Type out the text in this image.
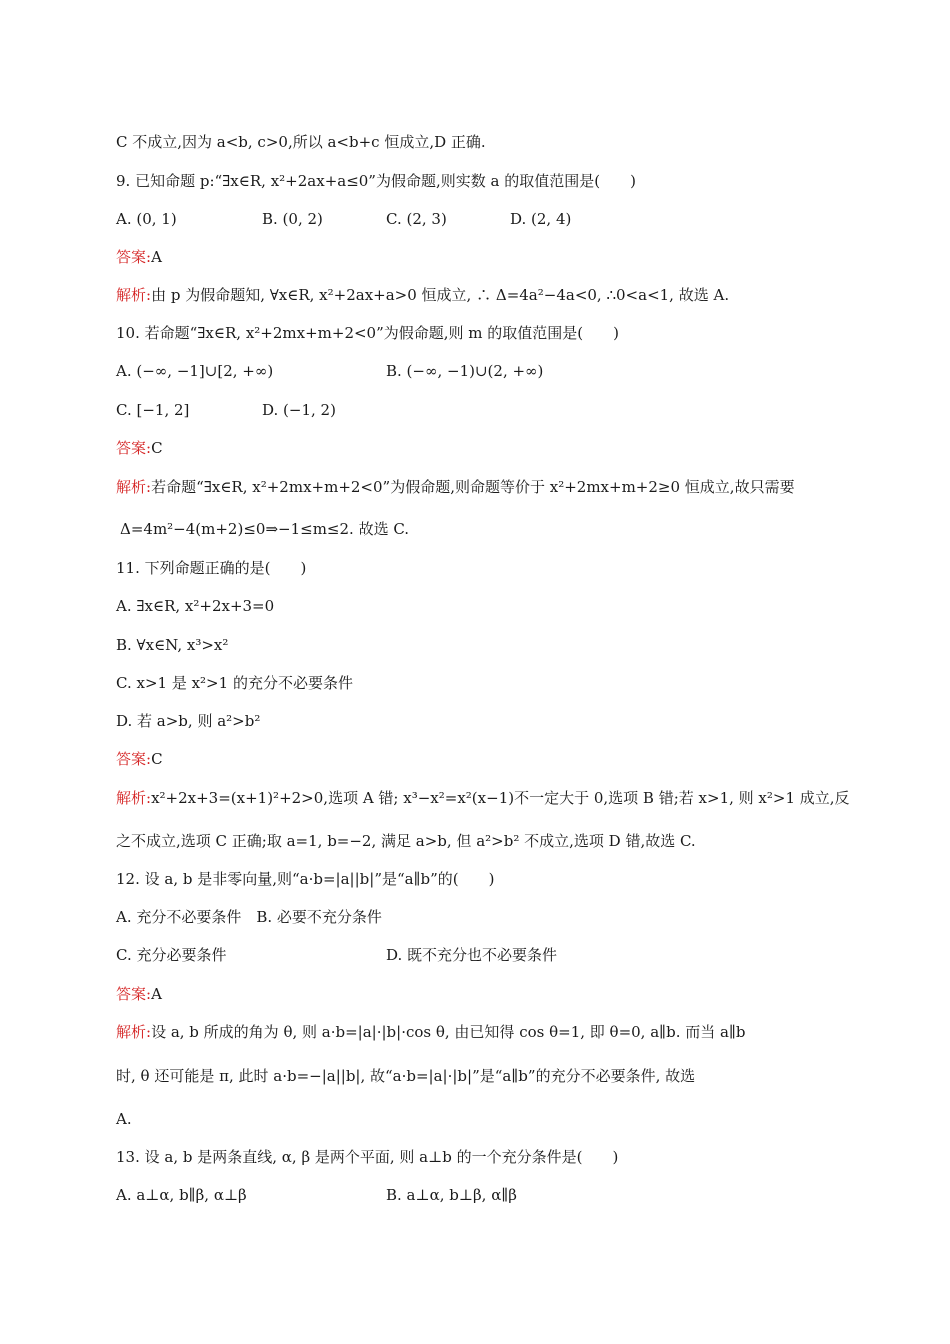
C 不成立,因为 a<b, c>0,所以 a<b+c 恒成立,D 正确.
9. 已知命题 p:“∃x∈R, x²+2ax+a≤0”为假命题,则实数 a 的取值范围是(　　)
A. (0, 1)	B. (0, 2)	C. (2, 3)	D. (2, 4)
答案:A
解析:由 p 为假命题知, ∀x∈R, x²+2ax+a>0 恒成立, ∴ Δ=4a²−4a<0, ∴0<a<1, 故选 A.
10. 若命题“∃x∈R, x²+2mx+m+2<0”为假命题,则 m 的取值范围是(　　)
A. (−∞, −1]∪[2, +∞)	B. (−∞, −1)∪(2, +∞)
C. [−1, 2]	D. (−1, 2)
答案:C
解析:若命题“∃x∈R, x²+2mx+m+2<0”为假命题,则命题等价于 x²+2mx+m+2≥0 恒成立,故只需要
Δ=4m²−4(m+2)≤0⇒−1≤m≤2. 故选 C.
11. 下列命题正确的是(　　)
A. ∃x∈R, x²+2x+3=0
B. ∀x∈N, x³>x²
C. x>1 是 x²>1 的充分不必要条件
D. 若 a>b, 则 a²>b²
答案:C
解析:x²+2x+3=(x+1)²+2>0,选项 A 错; x³−x²=x²(x−1)不一定大于 0,选项 B 错;若 x>1, 则 x²>1 成立,反
之不成立,选项 C 正确;取 a=1, b=−2, 满足 a>b, 但 a²>b² 不成立,选项 D 错,故选 C.
12. 设 a, b 是非零向量,则“a·b=|a||b|”是“a∥b”的(　　)
A. 充分不必要条件　B. 必要不充分条件
C. 充分必要条件	D. 既不充分也不必要条件
答案:A
解析:设 a, b 所成的角为 θ, 则 a·b=|a|·|b|·cos θ, 由已知得 cos θ=1, 即 θ=0, a∥b. 而当 a∥b
时, θ 还可能是 π, 此时 a·b=−|a||b|, 故“a·b=|a|·|b|”是“a∥b”的充分不必要条件, 故选
A.
13. 设 a, b 是两条直线, α, β 是两个平面, 则 a⊥b 的一个充分条件是(　　)
A. a⊥α, b∥β, α⊥β	B. a⊥α, b⊥β, α∥β
